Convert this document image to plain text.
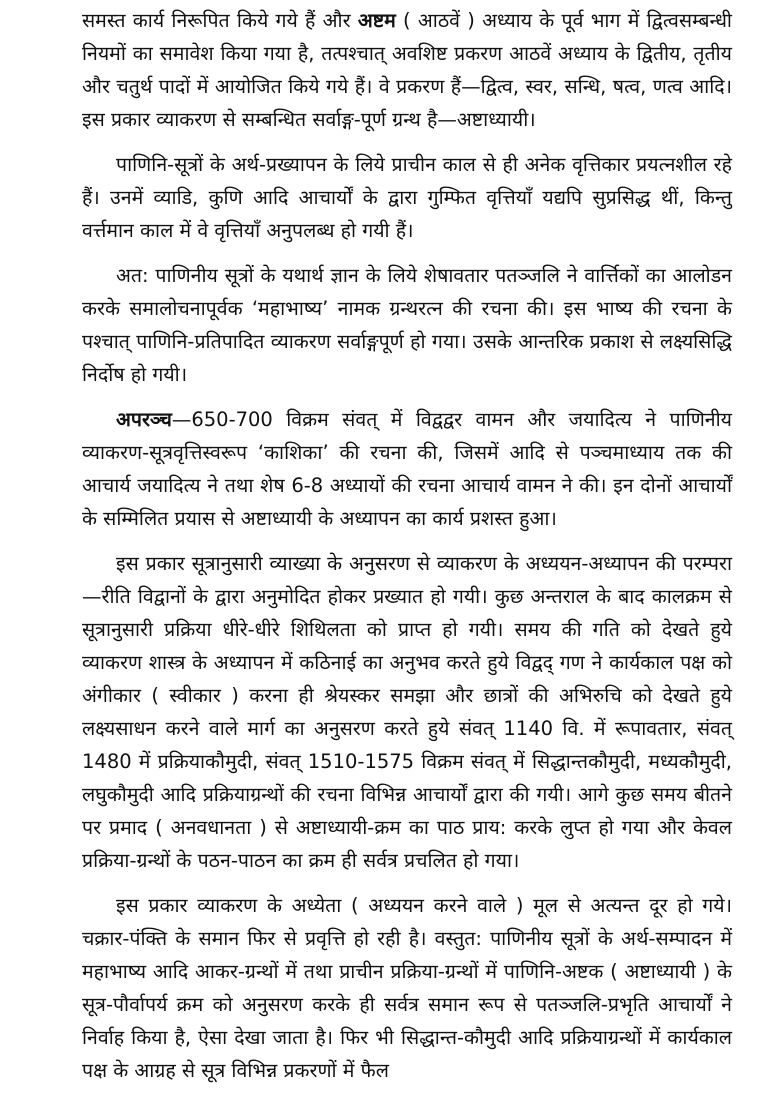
समस्त कार्य निरूपित किये गये हैं और अष्टम ( आठवें ) अध्याय के पूर्व भाग में द्वित्वसम्बन्धी नियमों का समावेश किया गया है, तत्पश्चात् अवशिष्ट प्रकरण आठवें अध्याय के द्वितीय, तृतीय और चतुर्थ पादों में आयोजित किये गये हैं। वे प्रकरण हैं—द्वित्व, स्वर, सन्धि, षत्व, णत्व आदि। इस प्रकार व्याकरण से सम्बन्धित सर्वाङ्ग-पूर्ण ग्रन्थ है—अष्टाध्यायी।

पाणिनि-सूत्रों के अर्थ-प्रख्यापन के लिये प्राचीन काल से ही अनेक वृत्तिकार प्रयत्नशील रहे हैं। उनमें व्याडि, कुणि आदि आचार्यों के द्वारा गुम्फित वृत्तियाँ यद्यपि सुप्रसिद्ध थीं, किन्तु वर्त्तमान काल में वे वृत्तियाँ अनुपलब्ध हो गयी हैं।

अत: पाणिनीय सूत्रों के यथार्थ ज्ञान के लिये शेषावतार पतञ्जलि ने वार्त्तिकों का आलोडन करके समालोचनापूर्वक ‘महाभाष्य’ नामक ग्रन्थरत्न की रचना की। इस भाष्य की रचना के पश्चात् पाणिनि-प्रतिपादित व्याकरण सर्वाङ्गपूर्ण हो गया। उसके आन्तरिक प्रकाश से लक्ष्यसिद्धि निर्दोष हो गयी।

अपरञ्च—650-700 विक्रम संवत् में विद्वद्वर वामन और जयादित्य ने पाणिनीय व्याकरण-सूत्रवृत्तिस्वरूप ‘काशिका’ की रचना की, जिसमें आदि से पञ्चमाध्याय तक की आचार्य जयादित्य ने तथा शेष 6-8 अध्यायों की रचना आचार्य वामन ने की। इन दोनों आचार्यों के सम्मिलित प्रयास से अष्टाध्यायी के अध्यापन का कार्य प्रशस्त हुआ।

इस प्रकार सूत्रानुसारी व्याख्या के अनुसरण से व्याकरण के अध्ययन-अध्यापन की परम्परा—रीति विद्वानों के द्वारा अनुमोदित होकर प्रख्यात हो गयी। कुछ अन्तराल के बाद कालक्रम से सूत्रानुसारी प्रक्रिया धीरे-धीरे शिथिलता को प्राप्त हो गयी। समय की गति को देखते हुये व्याकरण शास्त्र के अध्यापन में कठिनाई का अनुभव करते हुये विद्वद् गण ने कार्यकाल पक्ष को अंगीकार ( स्वीकार ) करना ही श्रेयस्कर समझा और छात्रों की अभिरुचि को देखते हुये लक्ष्यसाधन करने वाले मार्ग का अनुसरण करते हुये संवत् 1140 वि. में रूपावतार, संवत् 1480 में प्रक्रियाकौमुदी, संवत् 1510-1575 विक्रम संवत् में सिद्धान्तकौमुदी, मध्यकौमुदी, लघुकौमुदी आदि प्रक्रियाग्रन्थों की रचना विभिन्न आचार्यों द्वारा की गयी। आगे कुछ समय बीतने पर प्रमाद ( अनवधानता ) से अष्टाध्यायी-क्रम का पाठ प्राय: करके लुप्त हो गया और केवल प्रक्रिया-ग्रन्थों के पठन-पाठन का क्रम ही सर्वत्र प्रचलित हो गया।

इस प्रकार व्याकरण के अध्येता ( अध्ययन करने वाले ) मूल से अत्यन्त दूर हो गये। चक्रार-पंक्ति के समान फिर से प्रवृत्ति हो रही है। वस्तुत: पाणिनीय सूत्रों के अर्थ-सम्पादन में महाभाष्य आदि आकर-ग्रन्थों में तथा प्राचीन प्रक्रिया-ग्रन्थों में पाणिनि-अष्टक ( अष्टाध्यायी ) के सूत्र-पौर्वापर्य क्रम को अनुसरण करके ही सर्वत्र समान रूप से पतञ्जलि-प्रभृति आचार्यों ने निर्वाह किया है, ऐसा देखा जाता है। फिर भी सिद्धान्त-कौमुदी आदि प्रक्रियाग्रन्थों में कार्यकाल पक्ष के आग्रह से सूत्र विभिन्न प्रकरणों में फैल
